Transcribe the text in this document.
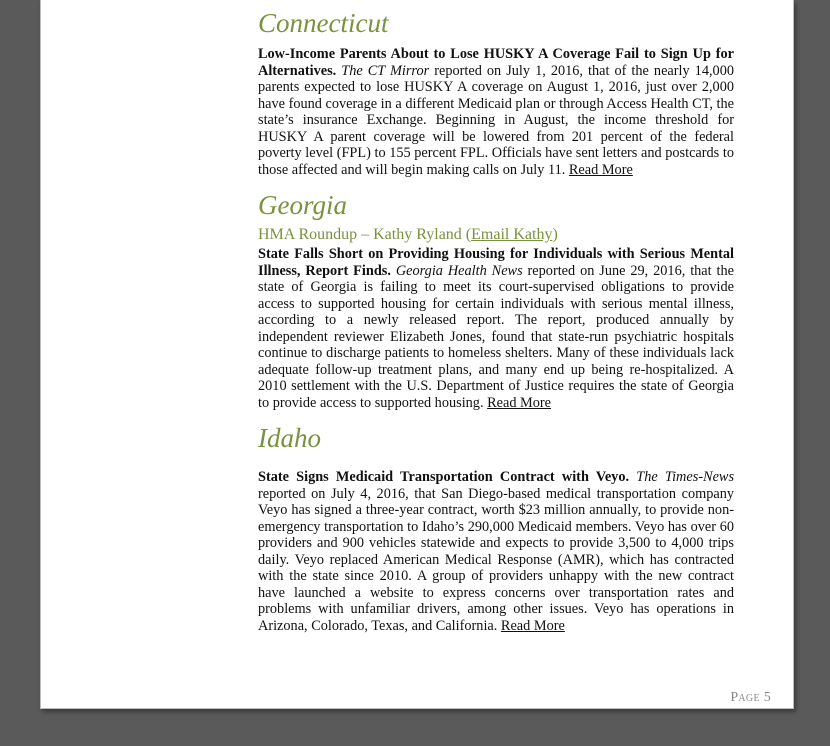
Connecticut

Low-Income Parents About to Lose HUSKY A Coverage Fail to Sign Up for Alternatives. The CT Mirror reported on July 1, 2016, that of the nearly 14,000 parents expected to lose HUSKY A coverage on August 1, 2016, just over 2,000 have found coverage in a different Medicaid plan or through Access Health CT, the state’s insurance Exchange. Beginning in August, the income threshold for HUSKY A parent coverage will be lowered from 201 percent of the federal poverty level (FPL) to 155 percent FPL. Officials have sent letters and postcards to those affected and will begin making calls on July 11. Read More

Georgia
HMA Roundup – Kathy Ryland (Email Kathy)

State Falls Short on Providing Housing for Individuals with Serious Mental Illness, Report Finds. Georgia Health News reported on June 29, 2016, that the state of Georgia is failing to meet its court-supervised obligations to provide access to supported housing for certain individuals with serious mental illness, according to a newly released report. The report, produced annually by independent reviewer Elizabeth Jones, found that state-run psychiatric hospitals continue to discharge patients to homeless shelters. Many of these individuals lack adequate follow-up treatment plans, and many end up being re-hospitalized. A 2010 settlement with the U.S. Department of Justice requires the state of Georgia to provide access to supported housing. Read More

Idaho

State Signs Medicaid Transportation Contract with Veyo. The Times-News reported on July 4, 2016, that San Diego-based medical transportation company Veyo has signed a three-year contract, worth $23 million annually, to provide non-emergency transportation to Idaho’s 290,000 Medicaid members. Veyo has over 60 providers and 900 vehicles statewide and expects to provide 3,500 to 4,000 trips daily. Veyo replaced American Medical Response (AMR), which has contracted with the state since 2010. A group of providers unhappy with the new contract have launched a website to express concerns over transportation rates and problems with unfamiliar drivers, among other issues. Veyo has operations in Arizona, Colorado, Texas, and California. Read More

Page 5
